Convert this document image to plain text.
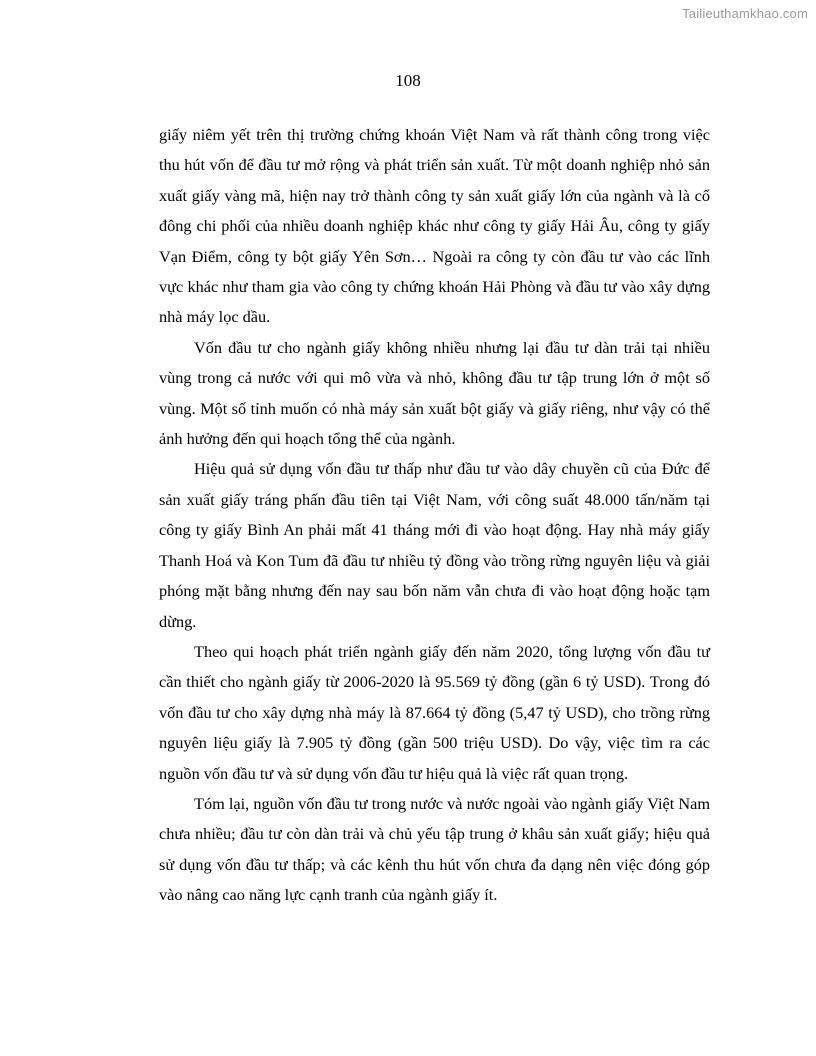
Tailieuthamkhao.com
108

giấy niêm yết trên thị trường chứng khoán Việt Nam và rất thành công trong việc thu hút vốn để đầu tư mở rộng và phát triển sản xuất. Từ một doanh nghiệp nhỏ sản xuất giấy vàng mã, hiện nay trở thành công ty sản xuất giấy lớn của ngành và là cổ đông chi phối của nhiều doanh nghiệp khác như công ty giấy Hải Âu, công ty giấy Vạn Điểm, công ty bột giấy Yên Sơn… Ngoài ra công ty còn đầu tư vào các lĩnh vực khác như tham gia vào công ty chứng khoán Hải Phòng và đầu tư vào xây dựng nhà máy lọc dầu.

Vốn đầu tư cho ngành giấy không nhiều nhưng lại đầu tư dàn trải tại nhiều vùng trong cả nước với qui mô vừa và nhỏ, không đầu tư tập trung lớn ở một số vùng. Một số tỉnh muốn có nhà máy sản xuất bột giấy và giấy riêng, như vậy có thể ảnh hưởng đến qui hoạch tổng thể của ngành.

Hiệu quả sử dụng vốn đầu tư thấp như đầu tư vào dây chuyền cũ của Đức để sản xuất giấy tráng phấn đầu tiên tại Việt Nam, với công suất 48.000 tấn/năm tại công ty giấy Bình An phải mất 41 tháng mới đi vào hoạt động. Hay nhà máy giấy Thanh Hoá và Kon Tum đã đầu tư nhiều tỷ đồng vào trồng rừng nguyên liệu và giải phóng mặt bằng nhưng đến nay sau bốn năm vẫn chưa đi vào hoạt động hoặc tạm dừng.

Theo qui hoạch phát triển ngành giấy đến năm 2020, tổng lượng vốn đầu tư cần thiết cho ngành giấy từ 2006-2020 là 95.569 tỷ đồng (gần 6 tỷ USD). Trong đó vốn đầu tư cho xây dựng nhà máy là 87.664 tỷ đồng (5,47 tỷ USD), cho trồng rừng nguyên liệu giấy là 7.905 tỷ đồng (gần 500 triệu USD). Do vậy, việc tìm ra các nguồn vốn đầu tư và sử dụng vốn đầu tư hiệu quả là việc rất quan trọng.

Tóm lại, nguồn vốn đầu tư trong nước và nước ngoài vào ngành giấy Việt Nam chưa nhiều; đầu tư còn dàn trải và chủ yếu tập trung ở khâu sản xuất giấy; hiệu quả sử dụng vốn đầu tư thấp; và các kênh thu hút vốn chưa đa dạng nên việc đóng góp vào nâng cao năng lực cạnh tranh của ngành giấy ít.
